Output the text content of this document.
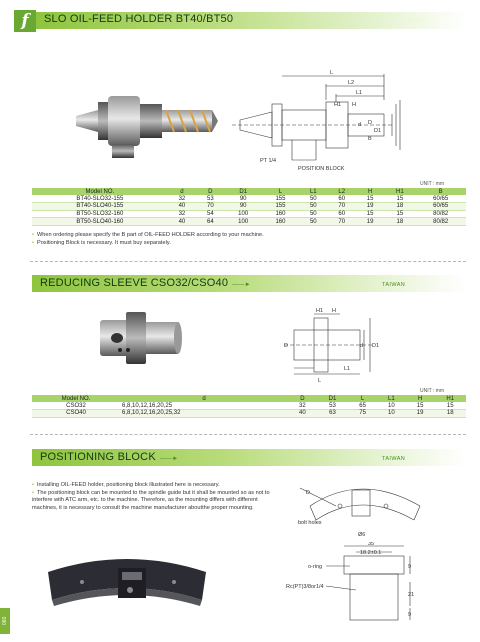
f	SLO OIL-FEED HOLDER BT40/BT50	TAIWAN
L
L2
L1
H1 H
d D
D1
B
PT 1/4
POSITION BLOCK
UNIT : mm
Model NO.	d	D	D1	L	L1	L2	H	H1	B
BT40-SLO32-155	32	53	90	155	50	60	15	15	60/65
BT40-SLO40-155	40	70	90	155	50	70	19	18	60/65
BT50-SLO32-160	32	54	100	160	50	60	15	15	80/82
BT50-SLO40-160	40	64	100	160	50	70	19	18	80/82
• When ordering please specify the B part of OIL-FEED HOLDER according to your machine.
• Positioning Block is necessary. It must buy separately.
REDUCING SLEEVE CSO32/CSO40 ——►	TAIWAN
H1 H
D	d D1
L1
L
UNIT : mm
Model NO.	d	D	D1	L	L1	H	H1
CSO32	6,8,10,12,16,20,25	32	53	65	10	15	15
CSO40	6,8,10,12,16,20,25,32	40	63	75	10	19	18
POSITIONING BLOCK ——►	TAIWAN
• Installing OIL-FEED holder, positioning block illustrated here is necessary.
• The positioning block can be mounted to the spindle guide but it shall be mounted so as not to interfere with ATC arm, etc. to the machine. Therefore, as the mounting differs with different machines, it is necessary to consult the machine manufacturer aboutthe proper mounting.
D
bolt holes
Ø6
35
18.2±0.1
o-ring
Rc(PT)3/8or1/4
9
21
9
060
